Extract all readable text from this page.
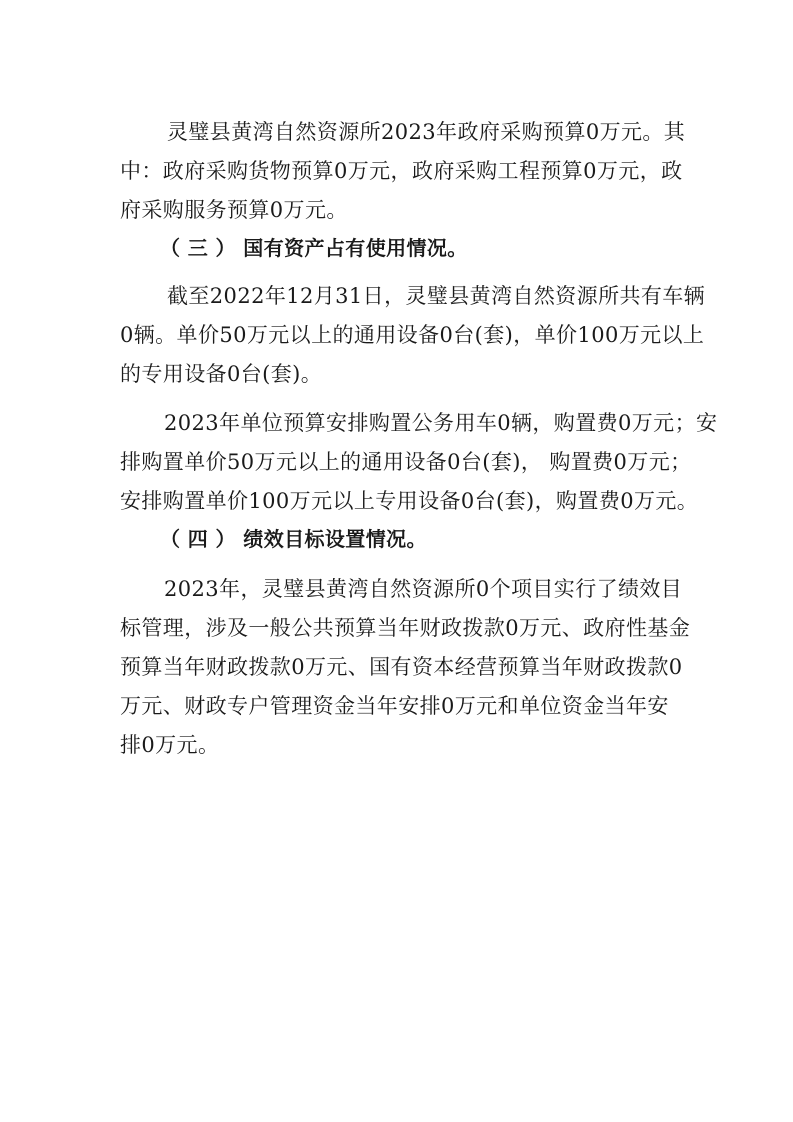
灵璧县黄湾自然资源所2023年政府采购预算0万元。其
中：政府采购货物预算0万元，政府采购工程预算0万元，政
府采购服务预算0万元。
（ 三 ） 国有资产占有使用情况。
截至2022年12月31日，灵璧县黄湾自然资源所共有车辆
0辆。单价50万元以上的通用设备0台(套)，单价100万元以上
的专用设备0台(套)。
2023年单位预算安排购置公务用车0辆，购置费0万元；安
排购置单价50万元以上的通用设备0台(套)， 购置费0万元；
安排购置单价100万元以上专用设备0台(套)，购置费0万元。
（ 四 ） 绩效目标设置情况。
2023年，灵璧县黄湾自然资源所0个项目实行了绩效目
标管理，涉及一般公共预算当年财政拨款0万元、政府性基金
预算当年财政拨款0万元、国有资本经营预算当年财政拨款0
万元、财政专户管理资金当年安排0万元和单位资金当年安
排0万元。
